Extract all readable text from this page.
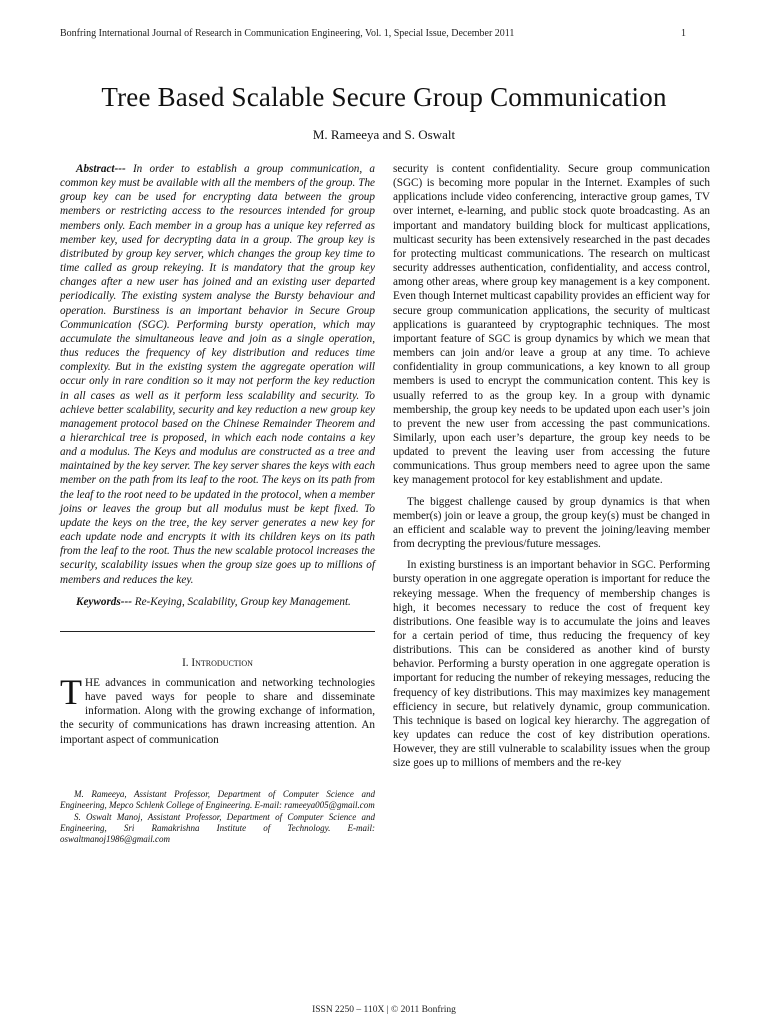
Bonfring International Journal of Research in Communication Engineering, Vol. 1, Special Issue, December 2011	1
Tree Based Scalable Secure Group Communication
M. Rameeya and S. Oswalt

Abstract--- In order to establish a group communication, a common key must be available with all the members of the group. The group key can be used for encrypting data between the group members or restricting access to the resources intended for group members only. Each member in a group has a unique key referred as member key, used for decrypting data in a group. The group key is distributed by group key server, which changes the group key time to time called as group rekeying. It is mandatory that the group key changes after a new user has joined and an existing user departed periodically. The existing system analyse the Bursty behaviour and operation. Burstiness is an important behavior in Secure Group Communication (SGC). Performing bursty operation, which may accumulate the simultaneous leave and join as a single operation, thus reduces the frequency of key distribution and reduces time complexity. But in the existing system the aggregate operation will occur only in rare condition so it may not perform the key reduction in all cases as well as it perform less scalability and security. To achieve better scalability, security and key reduction a new group key management protocol based on the Chinese Remainder Theorem and a hierarchical tree is proposed, in which each node contains a key and a modulus. The Keys and modulus are constructed as a tree and maintained by the key server. The key server shares the keys with each member on the path from its leaf to the root. The keys on its path from the leaf to the root need to be updated in the protocol, when a member joins or leaves the group but all modulus must be kept fixed. To update the keys on the tree, the key server generates a new key for each update node and encrypts it with its children keys on its path from the leaf to the root. Thus the new scalable protocol increases the security, scalability issues when the group size goes up to millions of members and reduces the key.

Keywords--- Re-Keying, Scalability, Group key Management.

I. Introduction

THE advances in communication and networking technologies have paved ways for people to share and disseminate information. Along with the growing exchange of information, the security of communications has drawn increasing attention. An important aspect of communication

M. Rameeya, Assistant Professor, Department of Computer Science and Engineering, Mepco Schlenk College of Engineering. E-mail: rameeya005@gmail.com

S. Oswalt Manoj, Assistant Professor, Department of Computer Science and Engineering, Sri Ramakrishna Institute of Technology. E-mail: oswaltmanoj1986@gmail.com

security is content confidentiality. Secure group communication (SGC) is becoming more popular in the Internet. Examples of such applications include video conferencing, interactive group games, TV over internet, e-learning, and public stock quote broadcasting. As an important and mandatory building block for multicast applications, multicast security has been extensively researched in the past decades for protecting multicast communications. The research on multicast security addresses authentication, confidentiality, and access control, among other areas, where group key management is a key component. Even though Internet multicast capability provides an efficient way for secure group communication applications, the security of multicast applications is guaranteed by cryptographic techniques. The most important feature of SGC is group dynamics by which we mean that members can join and/or leave a group at any time. To achieve confidentiality in group communications, a key known to all group members is used to encrypt the communication content. This key is usually referred to as the group key. In a group with dynamic membership, the group key needs to be updated upon each user’s join to prevent the new user from accessing the past communications. Similarly, upon each user’s departure, the group key needs to be updated to prevent the leaving user from accessing the future communications. Thus group members need to agree upon the same key management protocol for key establishment and update.

The biggest challenge caused by group dynamics is that when member(s) join or leave a group, the group key(s) must be changed in an efficient and scalable way to prevent the joining/leaving member from decrypting the previous/future messages.

In existing burstiness is an important behavior in SGC. Performing bursty operation in one aggregate operation is important for reduce the rekeying message. When the frequency of membership changes is high, it becomes necessary to reduce the cost of frequent key distributions. One feasible way is to accumulate the joins and leaves for a certain period of time, thus reducing the frequency of key distributions. This can be considered as another kind of bursty behavior. Performing a bursty operation in one aggregate operation is important for reducing the number of rekeying messages, reducing the frequency of key distributions. This may maximizes key management efficiency in secure, but relatively dynamic, group communication. This technique is based on logical key hierarchy. The aggregation of key updates can reduce the cost of key distribution operations. However, they are still vulnerable to scalability issues when the group size goes up to millions of members and the re-key

ISSN 2250 – 110X | © 2011 Bonfring
